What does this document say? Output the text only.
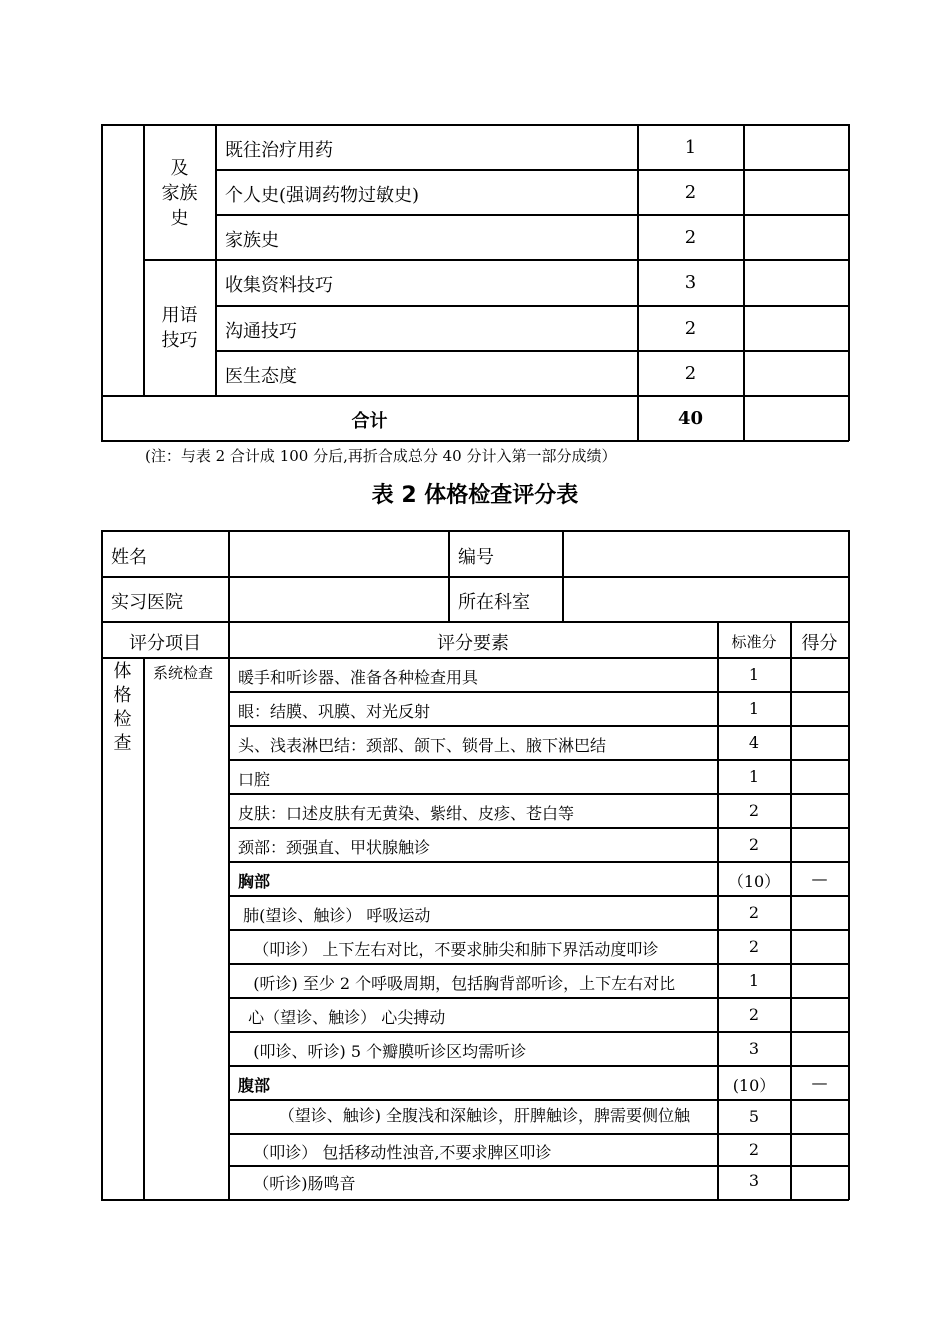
及
家族
史
用语
技巧
既往治疗用药	1
个人史(强调药物过敏史)	2
家族史	2
收集资料技巧	3
沟通技巧	2
医生态度	2
合计	40
(注：与表 2 合计成 100 分后,再折合成总分 40 分计入第一部分成绩）
表 2 体格检查评分表
姓名	编号
实习医院	所在科室
评分项目	评分要素	标准分	得分
体
格
检
查
系统检查 暖手和听诊器、准备各种检查用具	1
眼：结膜、巩膜、对光反射	1
头、浅表淋巴结：颈部、颌下、锁骨上、腋下淋巴结	4
口腔	1
皮肤：口述皮肤有无黄染、紫绀、皮疹、苍白等	2
颈部：颈强直、甲状腺触诊	2
胸部	（10）	—
肺(望诊、触诊） 呼吸运动	2
（叩诊） 上下左右对比，不要求肺尖和肺下界活动度叩诊	2
(听诊) 至少 2 个呼吸周期，包括胸背部听诊，上下左右对比	1
心（望诊、触诊） 心尖搏动	2
(叩诊、听诊) 5 个瓣膜听诊区均需听诊	3
腹部	(10）	—
（望诊、触诊) 全腹浅和深触诊，肝脾触诊，脾需要侧位触	5
（叩诊） 包括移动性浊音,不要求脾区叩诊	2
（听诊)肠鸣音	3
